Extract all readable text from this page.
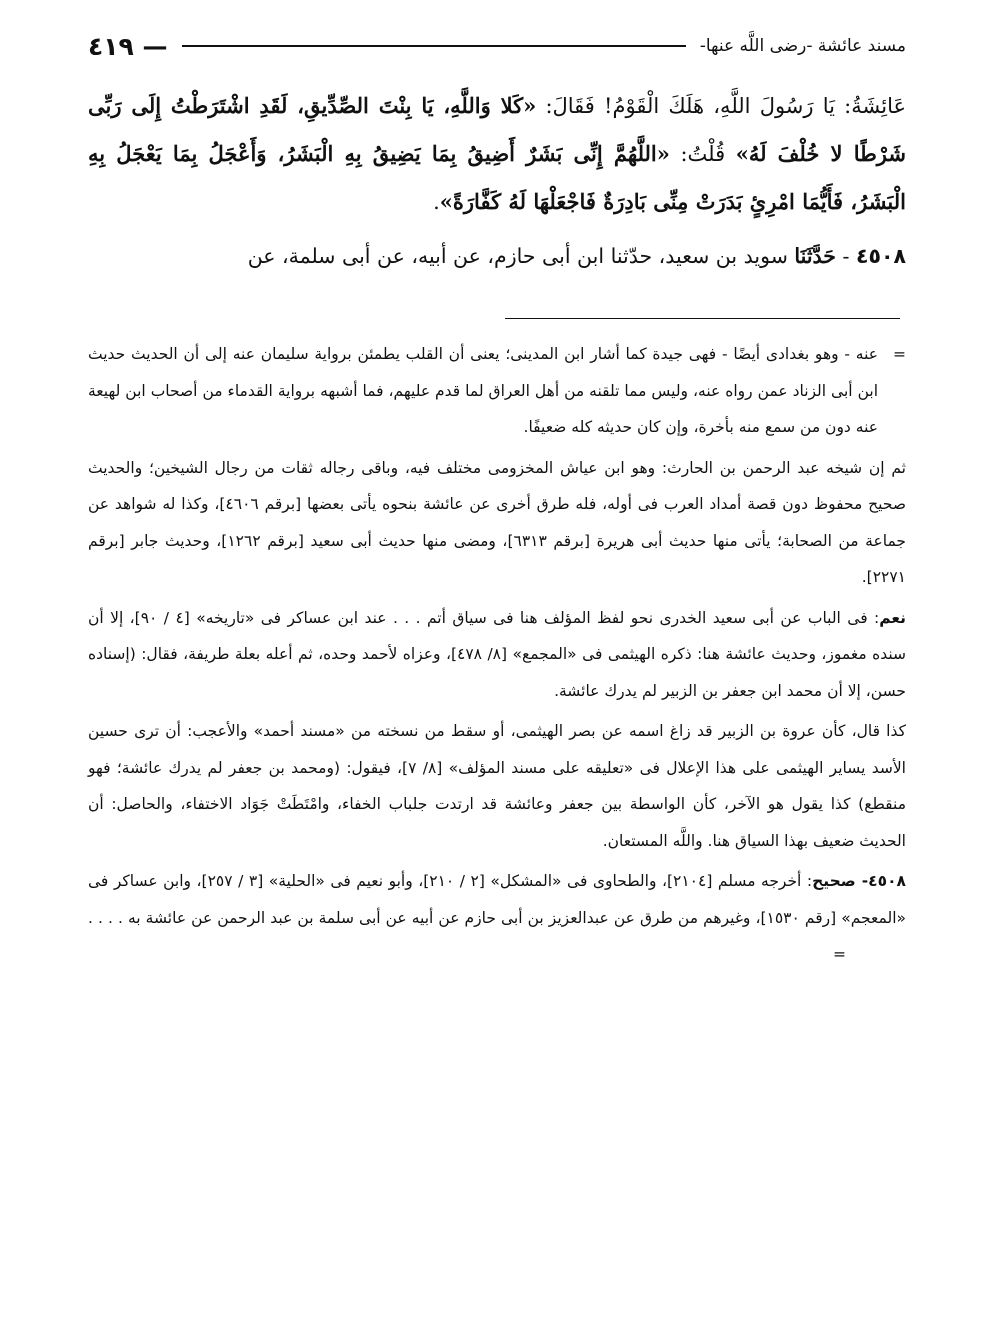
مسند عائشة -رضى اللَّه عنها-
— ٤١٩

عَائِشَةُ: يَا رَسُولَ اللَّهِ، هَلَكَ الْقَوْمُ! فَقَالَ: «كَلا وَاللَّهِ، يَا بِنْتَ الصِّدِّيقِ، لَقَدِ اشْتَرَطْتُ إِلَى رَبِّى شَرْطًا لا خُلْفَ لَهُ» قُلْتُ: «اللَّهُمَّ إِنِّى بَشَرٌ أَضِيقُ بِمَا يَضِيقُ بِهِ الْبَشَرُ، وَأَعْجَلُ بِمَا يَعْجَلُ بِهِ الْبَشَرُ، فَأَيُّمَا امْرِئٍ بَدَرَتْ مِنِّى بَادِرَةٌ فَاجْعَلْهَا لَهُ كَفَّارَةً».

٤٥٠٨ - حَدَّثَنَا سويد بن سعيد، حدّثنا ابن أبى حازم، عن أبيه، عن أبى سلمة، عن

=
عنه - وهو بغدادى أيضًا - فهى جيدة كما أشار ابن المدينى؛ يعنى أن القلب يطمئن برواية سليمان عنه إلى أن الحديث حديث ابن أبى الزناد عمن رواه عنه، وليس مما تلقنه من أهل العراق لما قدم عليهم، فما أشبهه برواية القدماء من أصحاب ابن لهيعة عنه دون من سمع منه بأخرة، وإن كان حديثه كله ضعيفًا.

ثم إن شيخه عبد الرحمن بن الحارث: وهو ابن عياش المخزومى مختلف فيه، وباقى رجاله ثقات من رجال الشيخين؛ والحديث صحيح محفوظ دون قصة أمداد العرب فى أوله، فله طرق أخرى عن عائشة بنحوه يأتى بعضها [برقم ٤٦٠٦]، وكذا له شواهد عن جماعة من الصحابة؛ يأتى منها حديث أبى هريرة [برقم ٦٣١٣]، ومضى منها حديث أبى سعيد [برقم ١٢٦٢]، وحديث جابر [برقم ٢٢٧١].

نعم: فى الباب عن أبى سعيد الخدرى نحو لفظ المؤلف هنا فى سياق أتم . . . عند ابن عساكر فى «تاريخه» [٤ / ٩٠]، إلا أن سنده مغموز، وحديث عائشة هنا: ذكره الهيثمى فى «المجمع» [٨/ ٤٧٨]، وعزاه لأحمد وحده، ثم أعله بعلة طريفة، فقال: (إسناده حسن، إلا أن محمد ابن جعفر بن الزبير لم يدرك عائشة.

كذا قال، كأن عروة بن الزبير قد زاغ اسمه عن بصر الهيثمى، أو سقط من نسخته من «مسند أحمد» والأعجب: أن ترى حسين الأسد يساير الهيثمى على هذا الإعلال فى «تعليقه على مسند المؤلف» [٨/ ٧]، فيقول: (ومحمد بن جعفر لم يدرك عائشة؛ فهو منقطع) كذا يقول هو الآخر، كأن الواسطة بين جعفر وعائشة قد ارتدت جلباب الخفاء، وامْتَطَتْ جَوَاد الاختفاء، والحاصل: أن الحديث ضعيف بهذا السياق هنا. واللَّه المستعان.

٤٥٠٨- صحيح: أخرجه مسلم [٢١٠٤]، والطحاوى فى «المشكل» [٢ / ٢١٠]، وأبو نعيم فى «الحلية» [٣ / ٢٥٧]، وابن عساكر فى «المعجم» [رقم ١٥٣٠]، وغيرهم من طرق عن عبدالعزيز بن أبى حازم عن أبيه عن أبى سلمة بن عبد الرحمن عن عائشة به . . . .=
